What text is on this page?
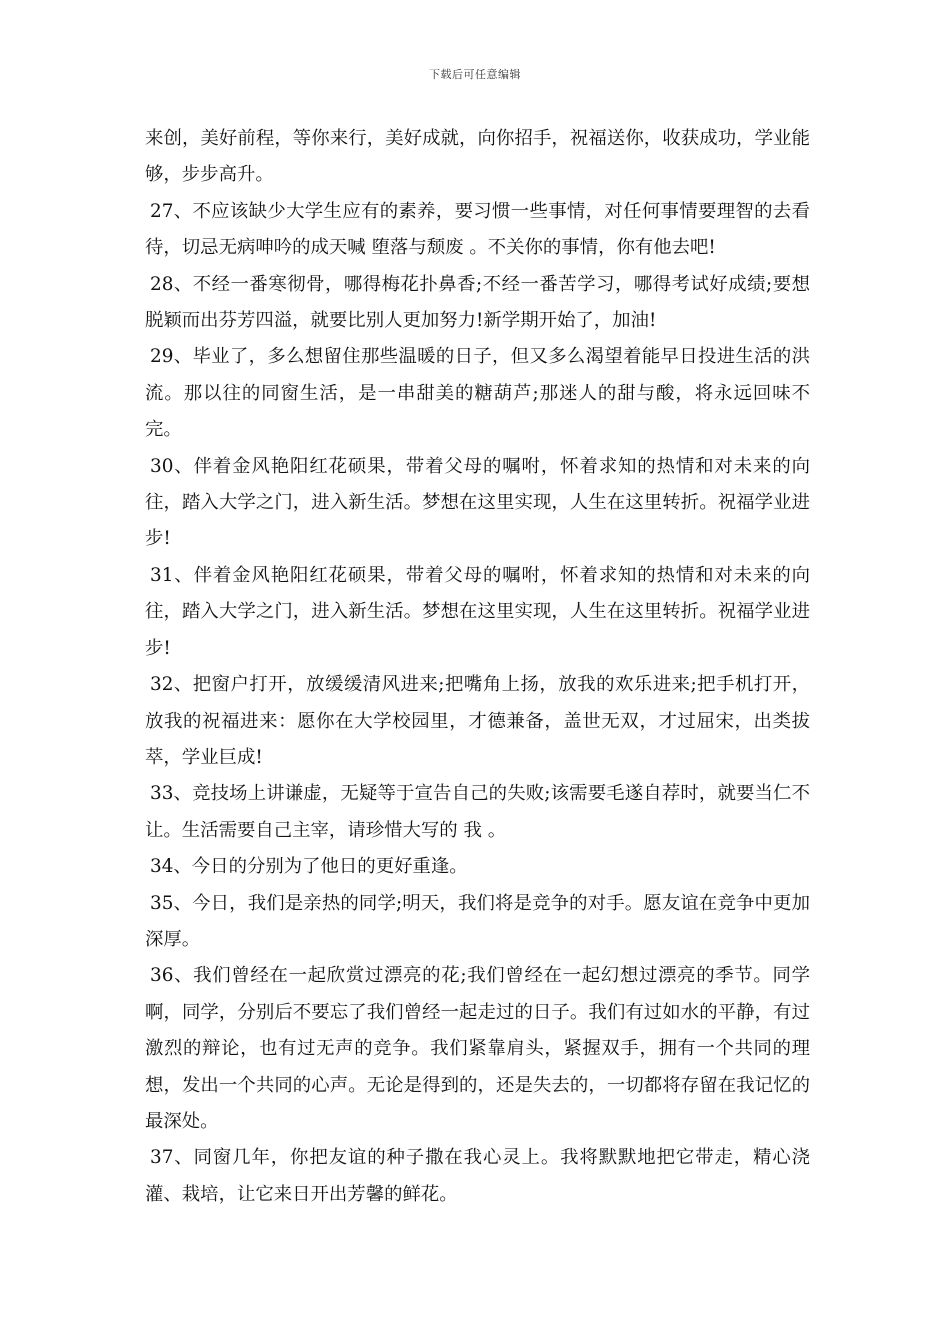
下载后可任意编辑

来创，美好前程，等你来行，美好成就，向你招手，祝福送你，收获成功，学业能够，步步高升。

27、不应该缺少大学生应有的素养，要习惯一些事情，对任何事情要理智的去看待，切忌无病呻吟的成天喊 堕落与颓废 。不关你的事情，你有他去吧!

28、不经一番寒彻骨，哪得梅花扑鼻香;不经一番苦学习，哪得考试好成绩;要想脱颖而出芬芳四溢，就要比别人更加努力!新学期开始了，加油!

29、毕业了，多么想留住那些温暖的日子，但又多么渴望着能早日投进生活的洪流。那以往的同窗生活，是一串甜美的糖葫芦;那迷人的甜与酸，将永远回味不完。

30、伴着金风艳阳红花硕果，带着父母的嘱咐，怀着求知的热情和对未来的向往，踏入大学之门，进入新生活。梦想在这里实现，人生在这里转折。祝福学业进步!

31、伴着金风艳阳红花硕果，带着父母的嘱咐，怀着求知的热情和对未来的向往，踏入大学之门，进入新生活。梦想在这里实现，人生在这里转折。祝福学业进步!

32、把窗户打开，放缓缓清风进来;把嘴角上扬，放我的欢乐进来;把手机打开，放我的祝福进来：愿你在大学校园里，才德兼备，盖世无双，才过屈宋，出类拔萃，学业巨成!

33、竞技场上讲谦虚，无疑等于宣告自己的失败;该需要毛遂自荐时，就要当仁不让。生活需要自己主宰，请珍惜大写的 我 。

34、今日的分别为了他日的更好重逢。

35、今日，我们是亲热的同学;明天，我们将是竞争的对手。愿友谊在竞争中更加深厚。

36、我们曾经在一起欣赏过漂亮的花;我们曾经在一起幻想过漂亮的季节。同学啊，同学，分别后不要忘了我们曾经一起走过的日子。我们有过如水的平静，有过激烈的辩论，也有过无声的竞争。我们紧靠肩头，紧握双手，拥有一个共同的理想，发出一个共同的心声。无论是得到的，还是失去的，一切都将存留在我记忆的最深处。

37、同窗几年，你把友谊的种子撒在我心灵上。我将默默地把它带走，精心浇灌、栽培，让它来日开出芳馨的鲜花。
